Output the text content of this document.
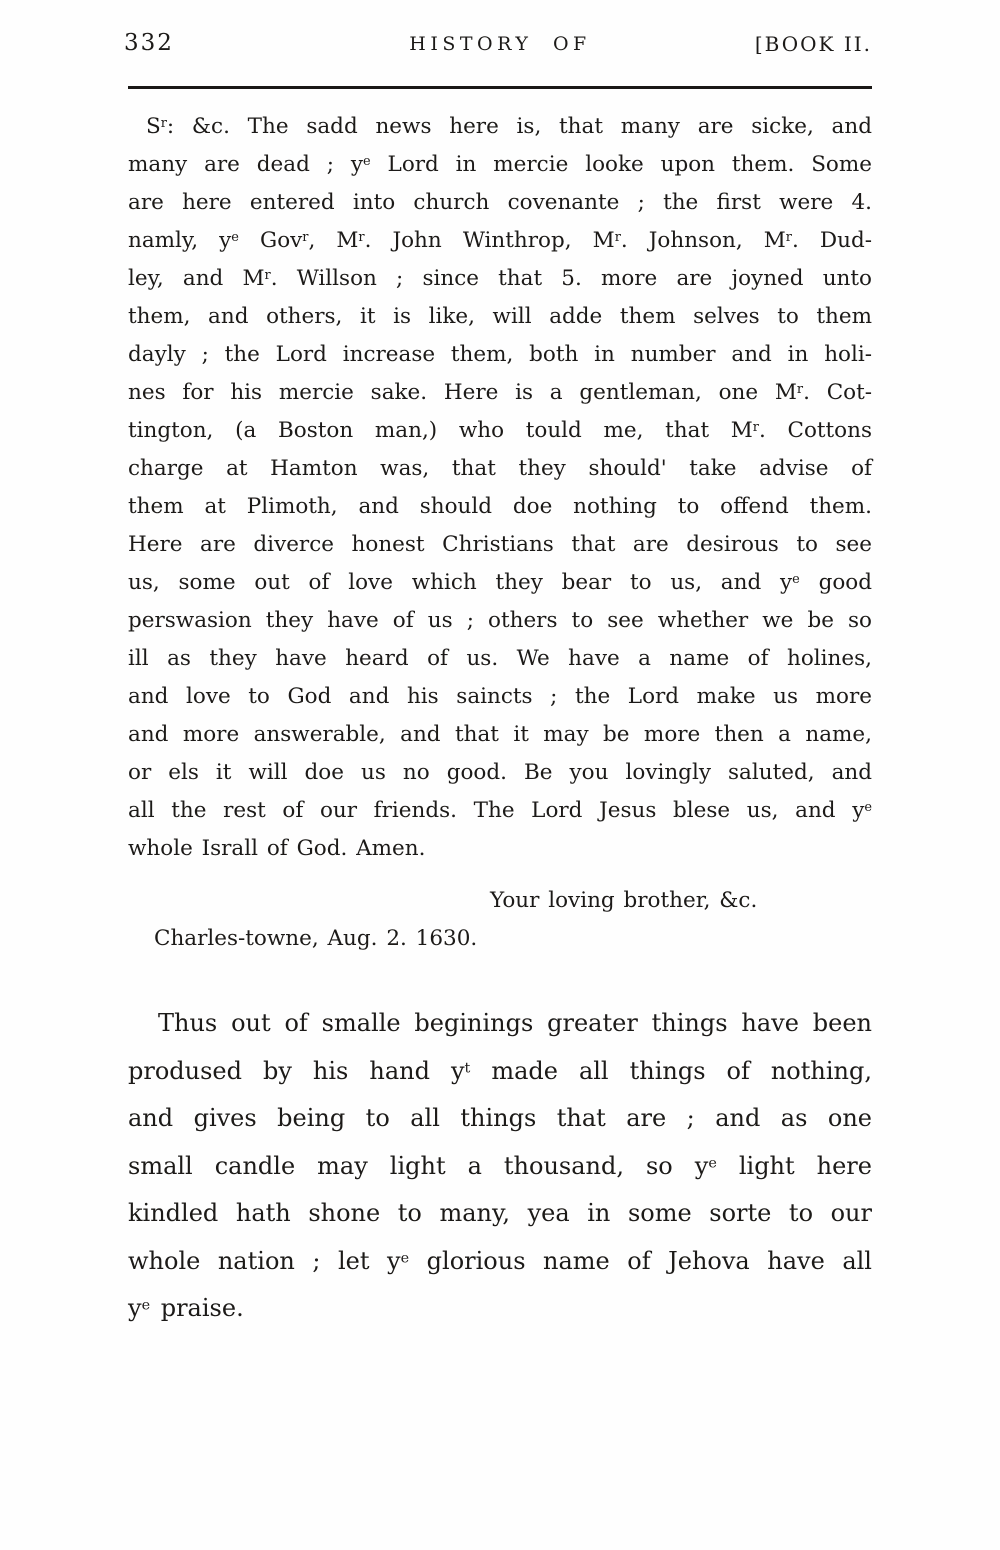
332	HISTORY OF	[BOOK II.
$S^r$: &c. The sadd news here is, that many are sicke, and
many are dead ; $y^e$ Lord in mercie looke upon them. Some
are here entered into church covenante ; the first were 4.
namly, $y^e$ Gov$^r$, $M^r$. John Winthrop, $M^r$. Johnson, $M^r$. Dud-
ley, and $M^r$. Willson ; since that 5. more are joyned unto
them, and others, it is like, will adde them selves to them
dayly ; the Lord increase them, both in number and in holi-
nes for his mercie sake. Here is a gentleman, one $M^r$. Cot-
tington, (a Boston man,) who tould me, that $M^r$. Cottons
charge at Hamton was, that they should' take advise of
them at Plimoth, and should doe nothing to offend them.
Here are diverce honest Christians that are desirous to see
us, some out of love which they bear to us, and $y^e$ good
perswasion they have of us ; others to see whether we be so
ill as they have heard of us. We have a name of holines,
and love to God and his saincts ; the Lord make us more
and more answerable, and that it may be more then a name,
or els it will doe us no good. Be you lovingly saluted, and
all the rest of our friends. The Lord Jesus blese us, and $y^e$
whole Israll of God. Amen.
Your loving brother, &c.
Charles-towne, Aug. 2. 1630.
Thus out of smalle beginings greater things have been
prodused by his hand $y^t$ made all things of nothing,
and gives being to all things that are ; and as one
small candle may light a thousand, so $y^e$ light here
kindled hath shone to many, yea in some sorte to our
whole nation ; let $y^e$ glorious name of Jehova have all
$y^e$ praise.
